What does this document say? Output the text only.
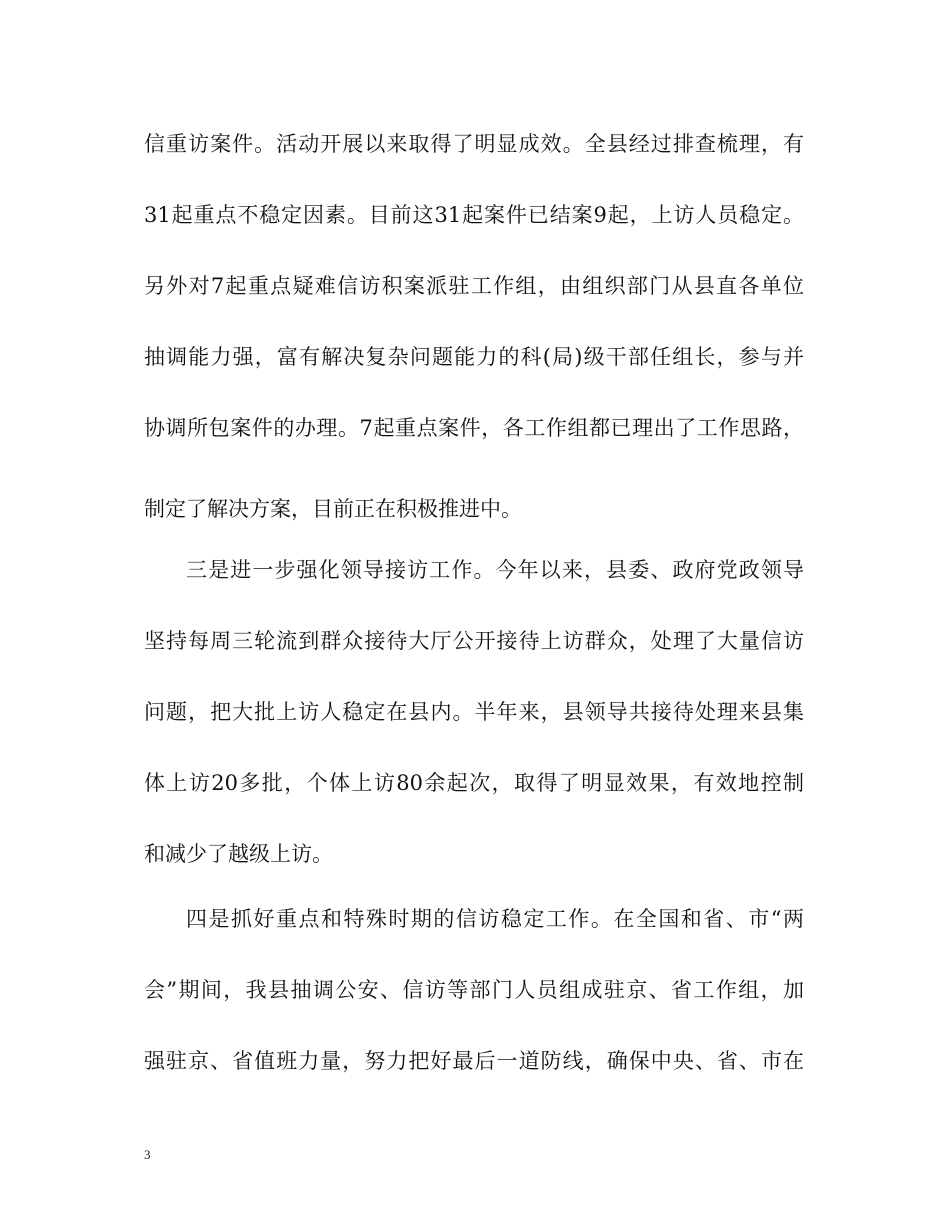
信重访案件。活动开展以来取得了明显成效。全县经过排查梳理，有
31起重点不稳定因素。目前这31起案件已结案9起，上访人员稳定。
另外对7起重点疑难信访积案派驻工作组，由组织部门从县直各单位
抽调能力强，富有解决复杂问题能力的科(局)级干部任组长，参与并
协调所包案件的办理。7起重点案件，各工作组都已理出了工作思路，
制定了解决方案，目前正在积极推进中。
三是进一步强化领导接访工作。今年以来，县委、政府党政领导
坚持每周三轮流到群众接待大厅公开接待上访群众，处理了大量信访
问题，把大批上访人稳定在县内。半年来，县领导共接待处理来县集
体上访20多批，个体上访80余起次，取得了明显效果，有效地控制
和减少了越级上访。
四是抓好重点和特殊时期的信访稳定工作。在全国和省、市“两
会”期间，我县抽调公安、信访等部门人员组成驻京、省工作组，加
强驻京、省值班力量，努力把好最后一道防线，确保中央、省、市在
3
